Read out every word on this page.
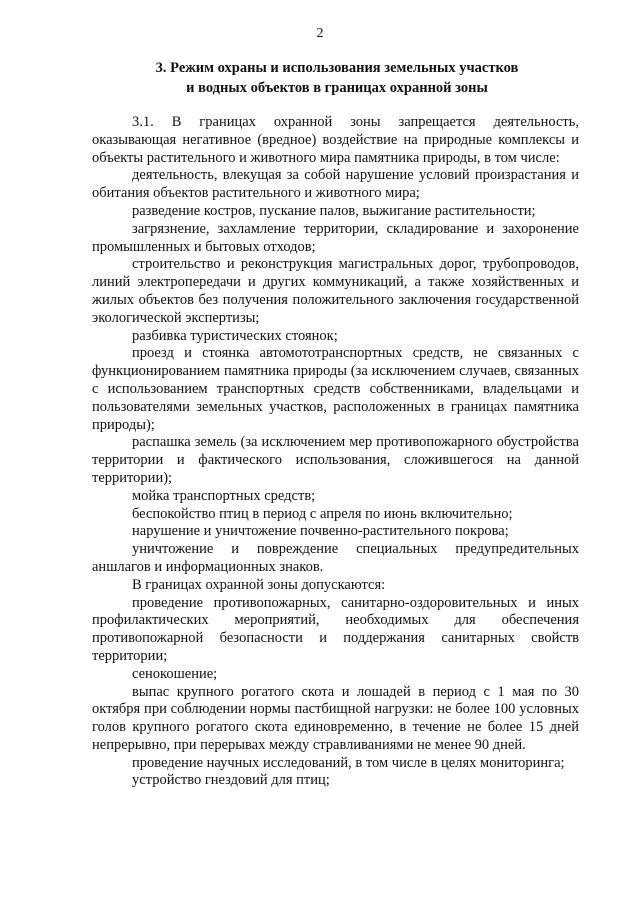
2
3. Режим охраны и использования земельных участков
и водных объектов в границах охранной зоны

3.1. В границах охранной зоны запрещается деятельность, оказывающая негативное (вредное) воздействие на природные комплексы и объекты растительного и животного мира памятника природы, в том числе:

деятельность, влекущая за собой нарушение условий произрастания и обитания объектов растительного и животного мира;

разведение костров, пускание палов, выжигание растительности;

загрязнение, захламление территории, складирование и захоронение промышленных и бытовых отходов;

строительство и реконструкция магистральных дорог, трубопроводов, линий электропередачи и других коммуникаций, а также хозяйственных и жилых объектов без получения положительного заключения государственной экологической экспертизы;

разбивка туристических стоянок;

проезд и стоянка автомототранспортных средств, не связанных с функционированием памятника природы (за исключением случаев, связанных с использованием транспортных средств собственниками, владельцами и пользователями земельных участков, расположенных в границах памятника природы);

распашка земель (за исключением мер противопожарного обустройства территории и фактического использования, сложившегося на данной территории);

мойка транспортных средств;

беспокойство птиц в период с апреля по июнь включительно;

нарушение и уничтожение почвенно-растительного покрова;

уничтожение и повреждение специальных предупредительных аншлагов и информационных знаков.

В границах охранной зоны допускаются:

проведение противопожарных, санитарно-оздоровительных и иных профилактических мероприятий, необходимых для обеспечения противопожарной безопасности и поддержания санитарных свойств территории;

сенокошение;

выпас крупного рогатого скота и лошадей в период с 1 мая по 30 октября при соблюдении нормы пастбищной нагрузки: не более 100 условных голов крупного рогатого скота единовременно, в течение не более 15 дней непрерывно, при перерывах между стравливаниями не менее 90 дней.

проведение научных исследований, в том числе в целях мониторинга;

устройство гнездовий для птиц;
